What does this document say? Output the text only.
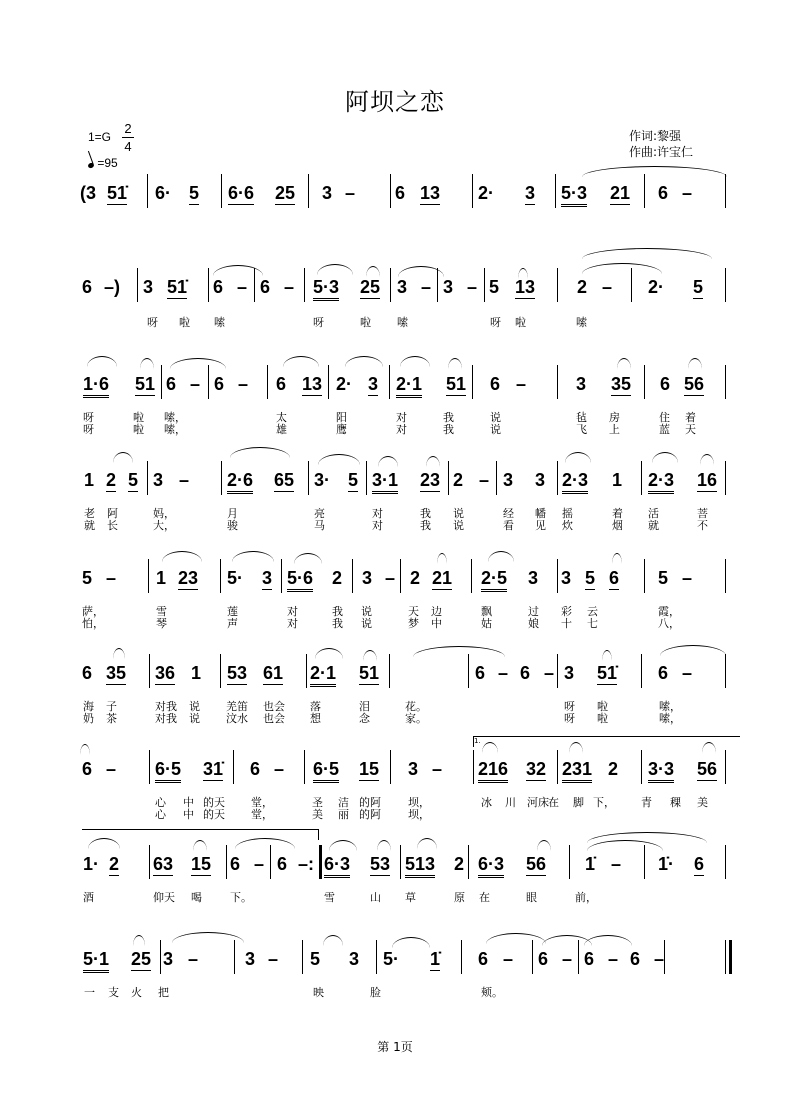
阿坝之恋
1=G
2
4
=95
作词:黎强
作曲:许宝仁
(3 51̇ 6· 5 6·6 25 3 – 6 13 2· 3 5·3 21 6 –
6 –) 3 51̇ 6 – 6 – 5·3 25 3 – 3 – 5 13 2 – 2· 5
呀 啦 嗦	呀	啦 嗦	呀 啦	嗦
1·6 51 6 – 6 – 6 13 2· 3 2·1 51 6 –	3 35 6 56
呀	啦 嗦，	太	阳	对	我	说	毡 房	住 着
呀	啦 嗦，	雄	鹰	对	我	说	飞 上	蓝 天
1 2 5 3 – 2·6 65 3· 5 3·1 23 2 – 3 3 2·3 1 2·3 16
老 阿	妈，	月	亮	对	我 说	经 幡 摇	着 活	菩
就 长	大，	骏	马	对	我 说	看 见 炊	烟 就	不
5 – 1 23 5· 3 5·6 2 3 – 2 21 2·5 3 3 5 6 5 –
萨，	雪	莲	对	我 说	天 边	飘	过 彩 云	霞，
怕，	琴	声	对	我 说	梦 中	姑	娘 十 七	八，
6 35 36 1 53 61 2·1 51	6 – 6 – 3 51̇ 6 –
海 子	对我 说 羌笛 也会 落	泪	花。	呀 啦	嗦，
奶 茶	对我 说 汶水 也会 想	念	家。	呀 啦	嗦，
6 – 6·5 31̇ 6 – 6·5 15 3 – 216 32 231 2 3·3 56
1.
心 中 的天 堂，	圣 洁 的阿 坝，	冰 川 河床 在 脚 下， 青 稞 美
心 中 的天 堂，	美 丽 的阿 坝，
1· 2 63 15 6 – 6 –: 6·3 53 513 2 6·3 56 1̇ – 1̇· 6
酒	仰天 喝	下。	雪	山 草	原 在	眼	前，
5·1 25 3 –	3 – 5 3 5· 1̇ 6 – 6 – 6 – 6 –
一 支 火 把	映	脸	颊。
第 1页
